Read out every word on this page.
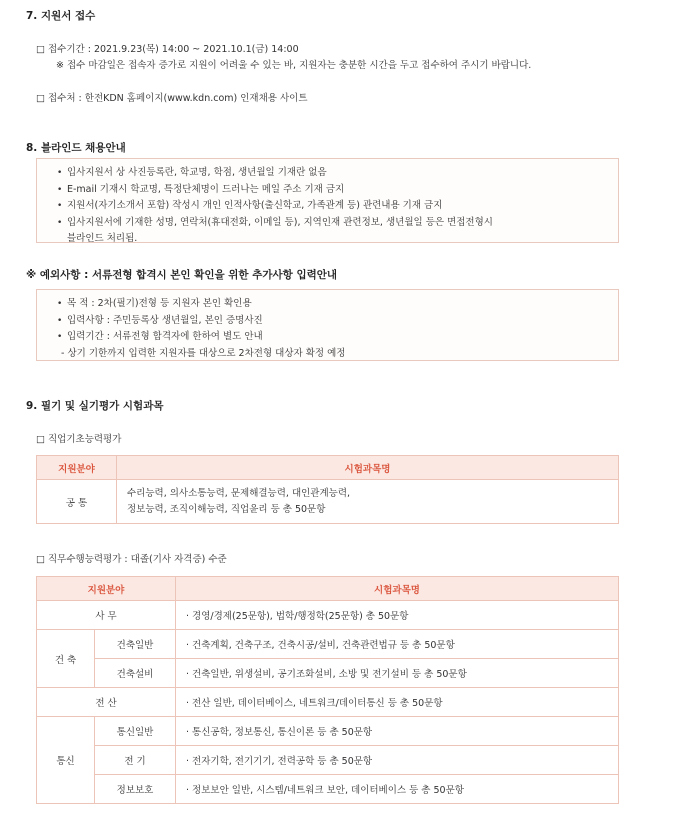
7. 지원서 접수
□ 접수기간 : 2021.9.23(목) 14:00 ~ 2021.10.1(금) 14:00
※ 접수 마감일은 접속자 증가로 지원이 어려울 수 있는 바, 지원자는 충분한 시간을 두고 접수하여 주시기 바랍니다.
□ 접수처 : 한전KDN 홈페이지(www.kdn.com) 인재채용 사이트
8. 블라인드 채용안내
• 입사지원서 상 사진등록란, 학교명, 학점, 생년월일 기재란 없음
• E-mail 기재시 학교명, 특정단체명이 드러나는 메일 주소 기재 금지
• 지원서(자기소개서 포함) 작성시 개인 인적사항(출신학교, 가족관계 등) 관련내용 기재 금지
• 입사지원서에 기재한 성명, 연락처(휴대전화, 이메일 등), 지역인재 관련정보, 생년월일 등은 면접전형시
블라인드 처리됨.
※ 예외사항 : 서류전형 합격시 본인 확인을 위한 추가사항 입력안내
• 목 적 : 2차(필기)전형 등 지원자 본인 확인용
• 입력사항 : 주민등록상 생년월일, 본인 증명사진
• 입력기간 : 서류전형 합격자에 한하여 별도 안내
- 상기 기한까지 입력한 지원자를 대상으로 2차전형 대상자 확정 예정
9. 필기 및 실기평가 시험과목
□ 직업기초능력평가
지원분야	시험과목명
공 통	수리능력, 의사소통능력, 문제해결능력, 대인관계능력,
정보능력, 조직이해능력, 직업윤리 등 총 50문항
□ 직무수행능력평가 : 대졸(기사 자격증) 수준
지원분야		시험과목명
사 무		· 경영/경제(25문항), 법학/행정학(25문항) 총 50문항
건 축	건축일반	· 건축계획, 건축구조, 건축시공/설비, 건축관련법규 등 총 50문항
	건축설비	· 건축일반, 위생설비, 공기조화설비, 소방 및 전기설비 등 총 50문항
전 산		· 전산 일반, 데이터베이스, 네트워크/데이터통신 등 총 50문항
통신	통신일반	· 통신공학, 정보통신, 통신이론 등 총 50문항
	전 기	· 전자기학, 전기기기, 전력공학 등 총 50문항
	정보보호	· 정보보안 일반, 시스템/네트워크 보안, 데이터베이스 등 총 50문항
